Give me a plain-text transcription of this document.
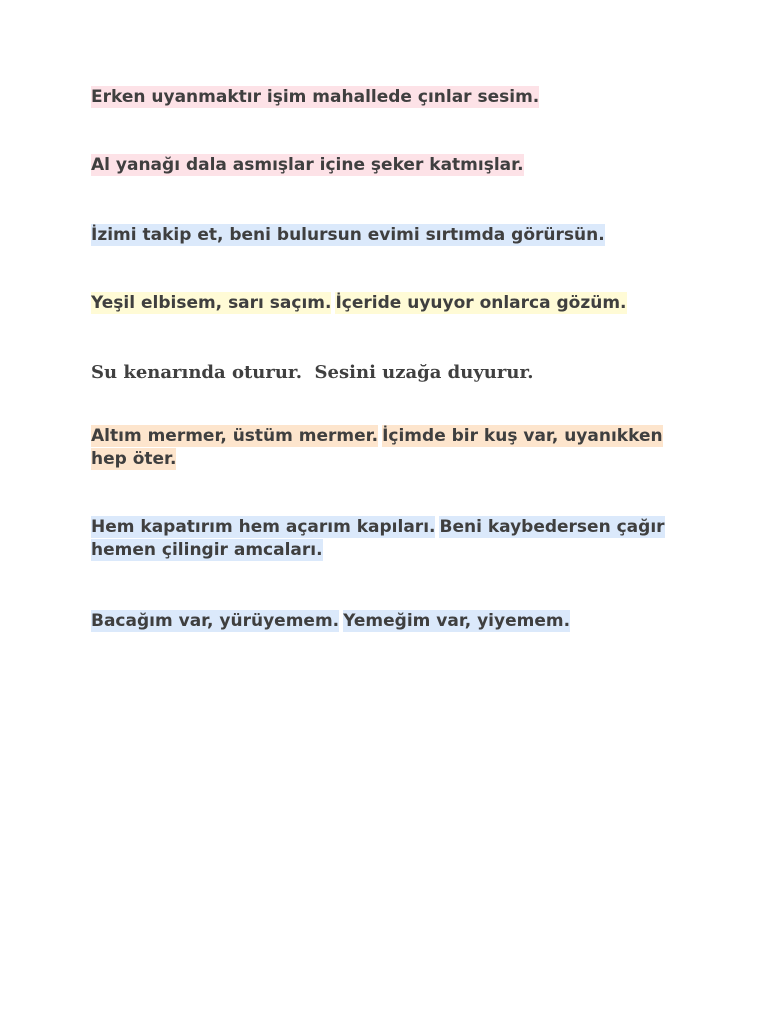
Erken uyanmaktır işim mahallede çınlar sesim.

Al yanağı dala asmışlar içine şeker katmışlar.

İzimi takip et, beni bulursun evimi sırtımda görürsün.

Yeşil elbisem, sarı saçım. İçeride uyuyor onlarca gözüm.

Su kenarında oturur.  Sesini uzağa duyurur.

Altım mermer, üstüm mermer. İçimde bir kuş var, uyanıkken hep öter.

Hem kapatırım hem açarım kapıları. Beni kaybedersen çağır hemen çilingir amcaları.

Bacağım var, yürüyemem. Yemeğim var, yiyemem.
